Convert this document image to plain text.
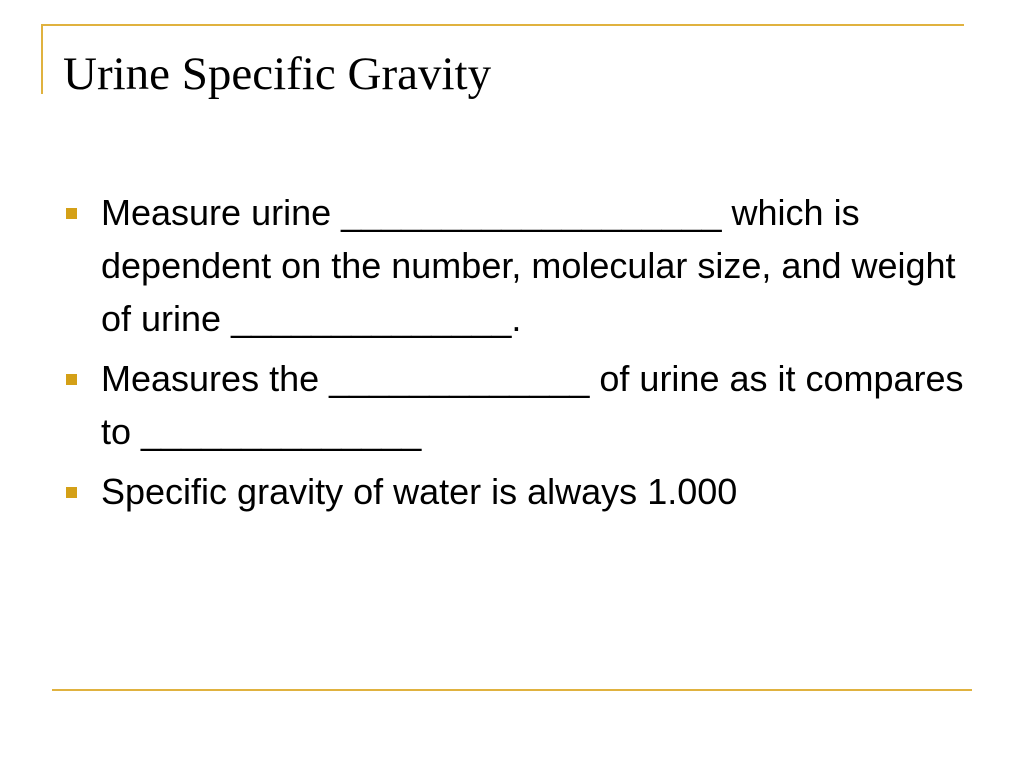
Urine Specific Gravity
Measure urine ___________________ which is dependent on the number, molecular size, and weight of urine ______________.
Measures the _____________ of urine as it compares to ______________
Specific gravity of water is always 1.000
